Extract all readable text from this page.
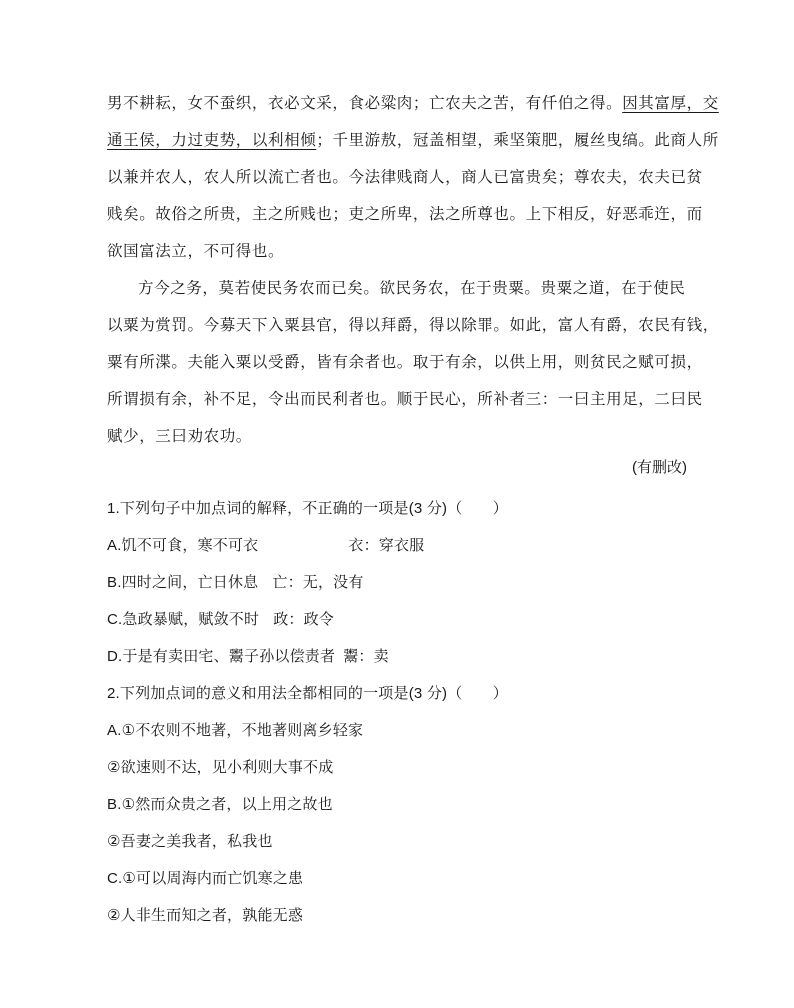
男不耕耘，女不蚕织，衣必文采，食必粱肉；亡农夫之苦，有仟伯之得。因其富厚，交
通王侯，力过吏势，以利相倾；千里游敖，冠盖相望，乘坚策肥，履丝曳缟。此商人所
以兼并农人，农人所以流亡者也。今法律贱商人，商人已富贵矣；尊农夫，农夫已贫
贱矣。故俗之所贵，主之所贱也；吏之所卑，法之所尊也。上下相反，好恶乖迕，而
欲国富法立，不可得也。
方今之务，莫若使民务农而已矣。欲民务农，在于贵粟。贵粟之道，在于使民
以粟为赏罚。今募天下入粟县官，得以拜爵，得以除罪。如此，富人有爵，农民有钱，
粟有所渫。夫能入粟以受爵，皆有余者也。取于有余，以供上用，则贫民之赋可损，
所谓损有余，补不足，令出而民利者也。顺于民心，所补者三：一曰主用足，二曰民
赋少，三曰劝农功。
(有删改)
1.下列句子中加点词的解释，不正确的一项是(3 分)（　　）
A.饥不可食，寒不可衣	衣：穿衣服
B.四时之间，亡日休息 亡：无，没有
C.急政暴赋，赋敛不时 政：政令
D.于是有卖田宅、鬻子孙以偿责者 鬻：卖
2.下列加点词的意义和用法全都相同的一项是(3 分)（　　）
A.①不农则不地著，不地著则离乡轻家
②欲速则不达，见小利则大事不成
B.①然而众贵之者，以上用之故也
②吾妻之美我者，私我也
C.①可以周海内而亡饥寒之患
②人非生而知之者，孰能无惑
